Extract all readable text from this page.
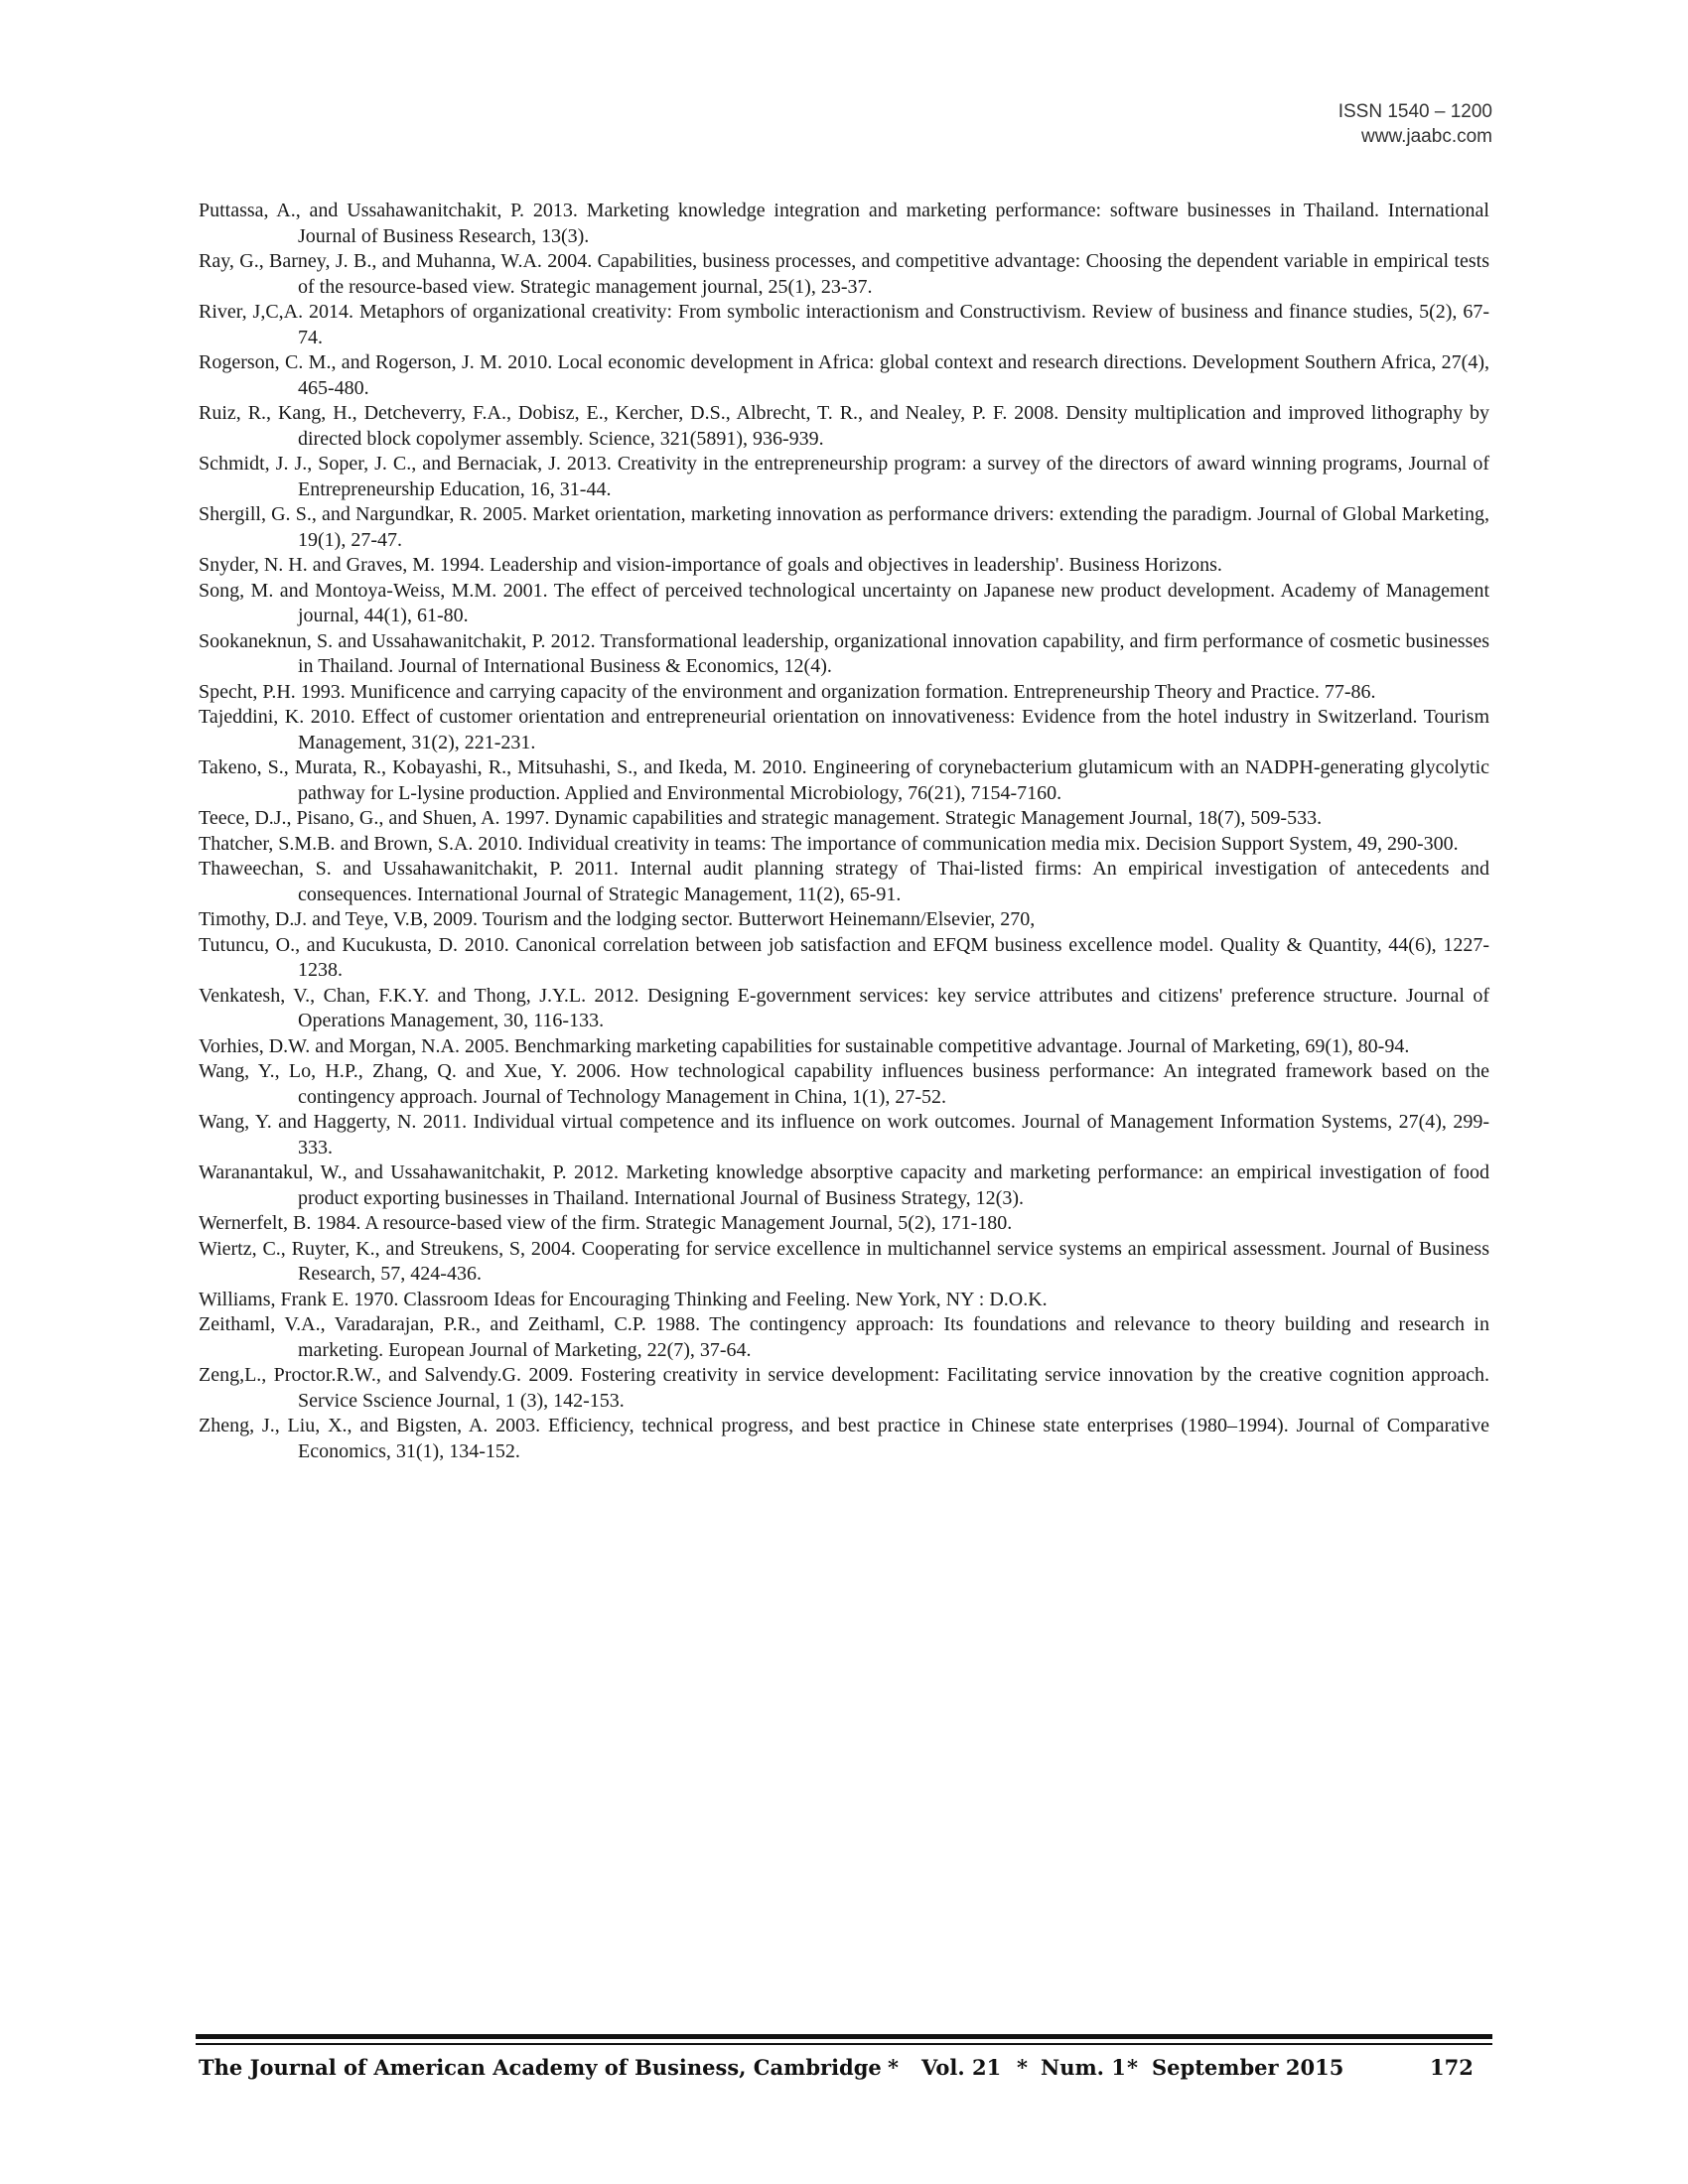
ISSN 1540 – 1200
www.jaabc.com

Puttassa, A., and Ussahawanitchakit, P. 2013. Marketing knowledge integration and marketing performance: software businesses in Thailand. International Journal of Business Research, 13(3).

Ray, G., Barney, J. B., and Muhanna, W.A. 2004. Capabilities, business processes, and competitive advantage: Choosing the dependent variable in empirical tests of the resource-based view. Strategic management journal, 25(1), 23-37.

River, J,C,A. 2014. Metaphors of organizational creativity: From symbolic interactionism and Constructivism. Review of business and finance studies, 5(2), 67-74.

Rogerson, C. M., and Rogerson, J. M. 2010. Local economic development in Africa: global context and research directions. Development Southern Africa, 27(4), 465-480.

Ruiz, R., Kang, H., Detcheverry, F.A., Dobisz, E., Kercher, D.S., Albrecht, T. R., and Nealey, P. F. 2008. Density multiplication and improved lithography by directed block copolymer assembly. Science, 321(5891), 936-939.

Schmidt, J. J., Soper, J. C., and Bernaciak, J. 2013. Creativity in the entrepreneurship program: a survey of the directors of award winning programs, Journal of Entrepreneurship Education, 16, 31-44.

Shergill, G. S., and Nargundkar, R. 2005. Market orientation, marketing innovation as performance drivers: extending the paradigm. Journal of Global Marketing, 19(1), 27-47.

Snyder, N. H. and Graves, M. 1994. Leadership and vision-importance of goals and objectives in leadership'. Business Horizons.

Song, M. and Montoya-Weiss, M.M. 2001. The effect of perceived technological uncertainty on Japanese new product development. Academy of Management journal, 44(1), 61-80.

Sookaneknun, S. and Ussahawanitchakit, P. 2012. Transformational leadership, organizational innovation capability, and firm performance of cosmetic businesses in Thailand. Journal of International Business & Economics, 12(4).

Specht, P.H. 1993. Munificence and carrying capacity of the environment and organization formation. Entrepreneurship Theory and Practice. 77-86.

Tajeddini, K. 2010. Effect of customer orientation and entrepreneurial orientation on innovativeness: Evidence from the hotel industry in Switzerland. Tourism Management, 31(2), 221-231.

Takeno, S., Murata, R., Kobayashi, R., Mitsuhashi, S., and Ikeda, M. 2010. Engineering of corynebacterium glutamicum with an NADPH-generating glycolytic pathway for L-lysine production. Applied and Environmental Microbiology, 76(21), 7154-7160.

Teece, D.J., Pisano, G., and Shuen, A. 1997. Dynamic capabilities and strategic management. Strategic Management Journal, 18(7), 509-533.

Thatcher, S.M.B. and Brown, S.A. 2010. Individual creativity in teams: The importance of communication media mix. Decision Support System, 49, 290-300.

Thaweechan, S. and Ussahawanitchakit, P. 2011. Internal audit planning strategy of Thai-listed firms: An empirical investigation of antecedents and consequences. International Journal of Strategic Management, 11(2), 65-91.

Timothy, D.J. and Teye, V.B, 2009. Tourism and the lodging sector. Butterwort Heinemann/Elsevier, 270,

Tutuncu, O., and Kucukusta, D. 2010. Canonical correlation between job satisfaction and EFQM business excellence model. Quality & Quantity, 44(6), 1227-1238.

Venkatesh, V., Chan, F.K.Y. and Thong, J.Y.L. 2012. Designing E-government services: key service attributes and citizens' preference structure. Journal of Operations Management, 30, 116-133.

Vorhies, D.W. and Morgan, N.A. 2005. Benchmarking marketing capabilities for sustainable competitive advantage. Journal of Marketing, 69(1), 80-94.

Wang, Y., Lo, H.P., Zhang, Q. and Xue, Y. 2006. How technological capability influences business performance: An integrated framework based on the contingency approach. Journal of Technology Management in China, 1(1), 27-52.

Wang, Y. and Haggerty, N. 2011. Individual virtual competence and its influence on work outcomes. Journal of Management Information Systems, 27(4), 299-333.

Waranantakul, W., and Ussahawanitchakit, P. 2012. Marketing knowledge absorptive capacity and marketing performance: an empirical investigation of food product exporting businesses in Thailand. International Journal of Business Strategy, 12(3).

Wernerfelt, B. 1984. A resource-based view of the firm. Strategic Management Journal, 5(2), 171-180.

Wiertz, C., Ruyter, K., and Streukens, S, 2004. Cooperating for service excellence in multichannel service systems an empirical assessment. Journal of Business Research, 57, 424-436.

Williams, Frank E. 1970. Classroom Ideas for Encouraging Thinking and Feeling. New York, NY : D.O.K.

Zeithaml, V.A., Varadarajan, P.R., and Zeithaml, C.P. 1988. The contingency approach: Its foundations and relevance to theory building and research in marketing. European Journal of Marketing, 22(7), 37-64.

Zeng,L., Proctor.R.W., and Salvendy.G. 2009. Fostering creativity in service development: Facilitating service innovation by the creative cognition approach. Service Sscience Journal, 1 (3), 142-153.

Zheng, J., Liu, X., and Bigsten, A. 2003. Efficiency, technical progress, and best practice in Chinese state enterprises (1980–1994). Journal of Comparative Economics, 31(1), 134-152.

The Journal of American Academy of Business, Cambridge * Vol. 21 * Num. 1 * September 2015	172
